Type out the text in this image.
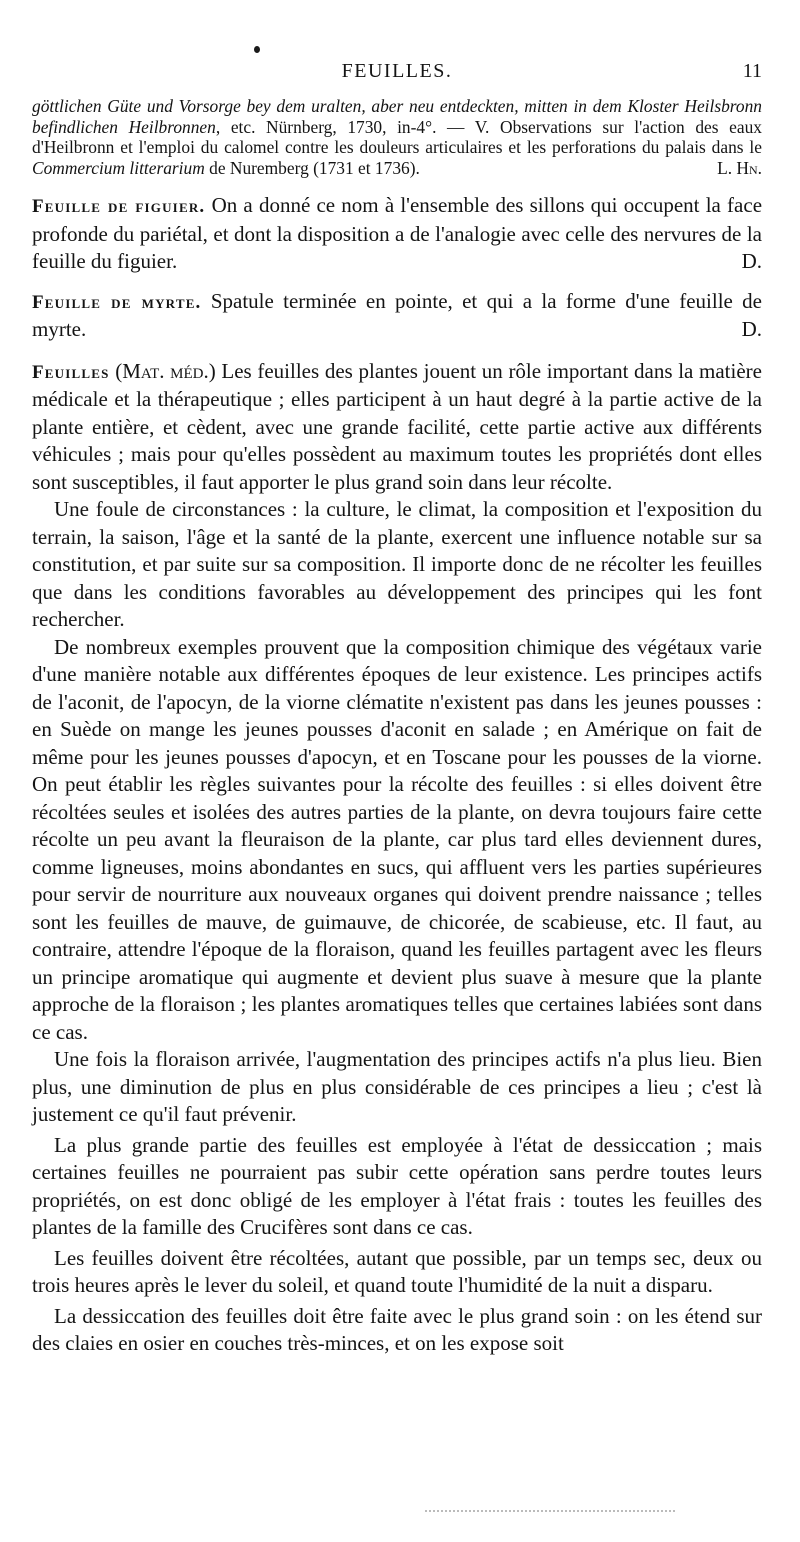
FEUILLES.	11

göttlichen Güte und Vorsorge bey dem uralten, aber neu entdeckten, mitten in dem Kloster Heilsbronn befindlichen Heilbronnen, etc. Nürnberg, 1730, in-4°. — V. Observations sur l'action des eaux d'Heilbronn et l'emploi du calomel contre les douleurs articulaires et les perforations du palais dans le Commercium litterarium de Nuremberg (1731 et 1736).	L. Hn.

Feuille de figuier. On a donné ce nom à l'ensemble des sillons qui occupent la face profonde du pariétal, et dont la disposition a de l'analogie avec celle des nervures de la feuille du figuier.	D.

Feuille de myrte. Spatule terminée en pointe, et qui a la forme d'une feuille de myrte.	D.

Feuilles (Mat. méd.) Les feuilles des plantes jouent un rôle important dans la matière médicale et la thérapeutique ; elles participent à un haut degré à la partie active de la plante entière, et cèdent, avec une grande facilité, cette partie active aux différents véhicules ; mais pour qu'elles possèdent au maximum toutes les propriétés dont elles sont susceptibles, il faut apporter le plus grand soin dans leur récolte.

Une foule de circonstances : la culture, le climat, la composition et l'exposition du terrain, la saison, l'âge et la santé de la plante, exercent une influence notable sur sa constitution, et par suite sur sa composition. Il importe donc de ne récolter les feuilles que dans les conditions favorables au développement des principes qui les font rechercher.

De nombreux exemples prouvent que la composition chimique des végétaux varie d'une manière notable aux différentes époques de leur existence. Les principes actifs de l'aconit, de l'apocyn, de la viorne clématite n'existent pas dans les jeunes pousses : en Suède on mange les jeunes pousses d'aconit en salade ; en Amérique on fait de même pour les jeunes pousses d'apocyn, et en Toscane pour les pousses de la viorne. On peut établir les règles suivantes pour la récolte des feuilles : si elles doivent être récoltées seules et isolées des autres parties de la plante, on devra toujours faire cette récolte un peu avant la fleuraison de la plante, car plus tard elles deviennent dures, comme ligneuses, moins abondantes en sucs, qui affluent vers les parties supérieures pour servir de nourriture aux nouveaux organes qui doivent prendre naissance ; telles sont les feuilles de mauve, de guimauve, de chicorée, de scabieuse, etc. Il faut, au contraire, attendre l'époque de la floraison, quand les feuilles partagent avec les fleurs un principe aromatique qui augmente et devient plus suave à mesure que la plante approche de la floraison ; les plantes aromatiques telles que certaines labiées sont dans ce cas.

Une fois la floraison arrivée, l'augmentation des principes actifs n'a plus lieu. Bien plus, une diminution de plus en plus considérable de ces principes a lieu ; c'est là justement ce qu'il faut prévenir.

La plus grande partie des feuilles est employée à l'état de dessiccation ; mais certaines feuilles ne pourraient pas subir cette opération sans perdre toutes leurs propriétés, on est donc obligé de les employer à l'état frais : toutes les feuilles des plantes de la famille des Crucifères sont dans ce cas.

Les feuilles doivent être récoltées, autant que possible, par un temps sec, deux ou trois heures après le lever du soleil, et quand toute l'humidité de la nuit a disparu.

La dessiccation des feuilles doit être faite avec le plus grand soin : on les étend sur des claies en osier en couches très-minces, et on les expose soit
